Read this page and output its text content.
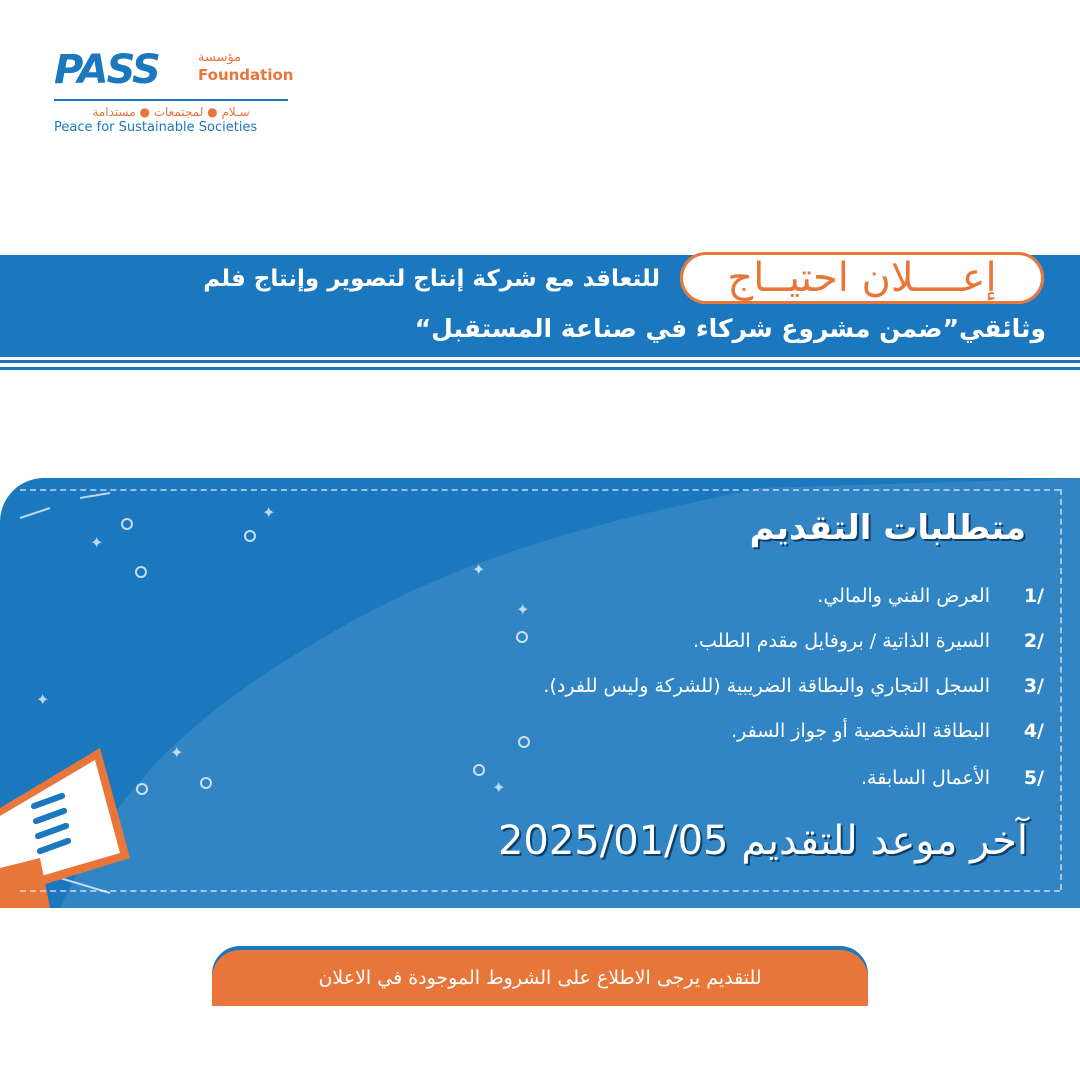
PASS	مؤسسة
Foundation
سـلام ● لمجتمعات ● مستدامة
Peace for Sustainable Societies
إعــــلان احتيــاج
للتعاقد مع شركة إنتاج لتصوير وإنتاج فلم
وثائقي”ضمن مشروع شركاء في صناعة المستقبل“
✦
✦
✦
✦
✦
✦
✦
متطلبات التقديم
/1العرض الفني والمالي.
/2السيرة الذاتية / بروفايل مقدم الطلب.
/3السجل التجاري والبطاقة الضريبية (للشركة وليس للفرد).
/4البطاقة الشخصية أو جواز السفر.
/5الأعمال السابقة.
آخر موعد للتقديم 2025/01/05
للتقديم يرجى الاطلاع على الشروط الموجودة في الاعلان
